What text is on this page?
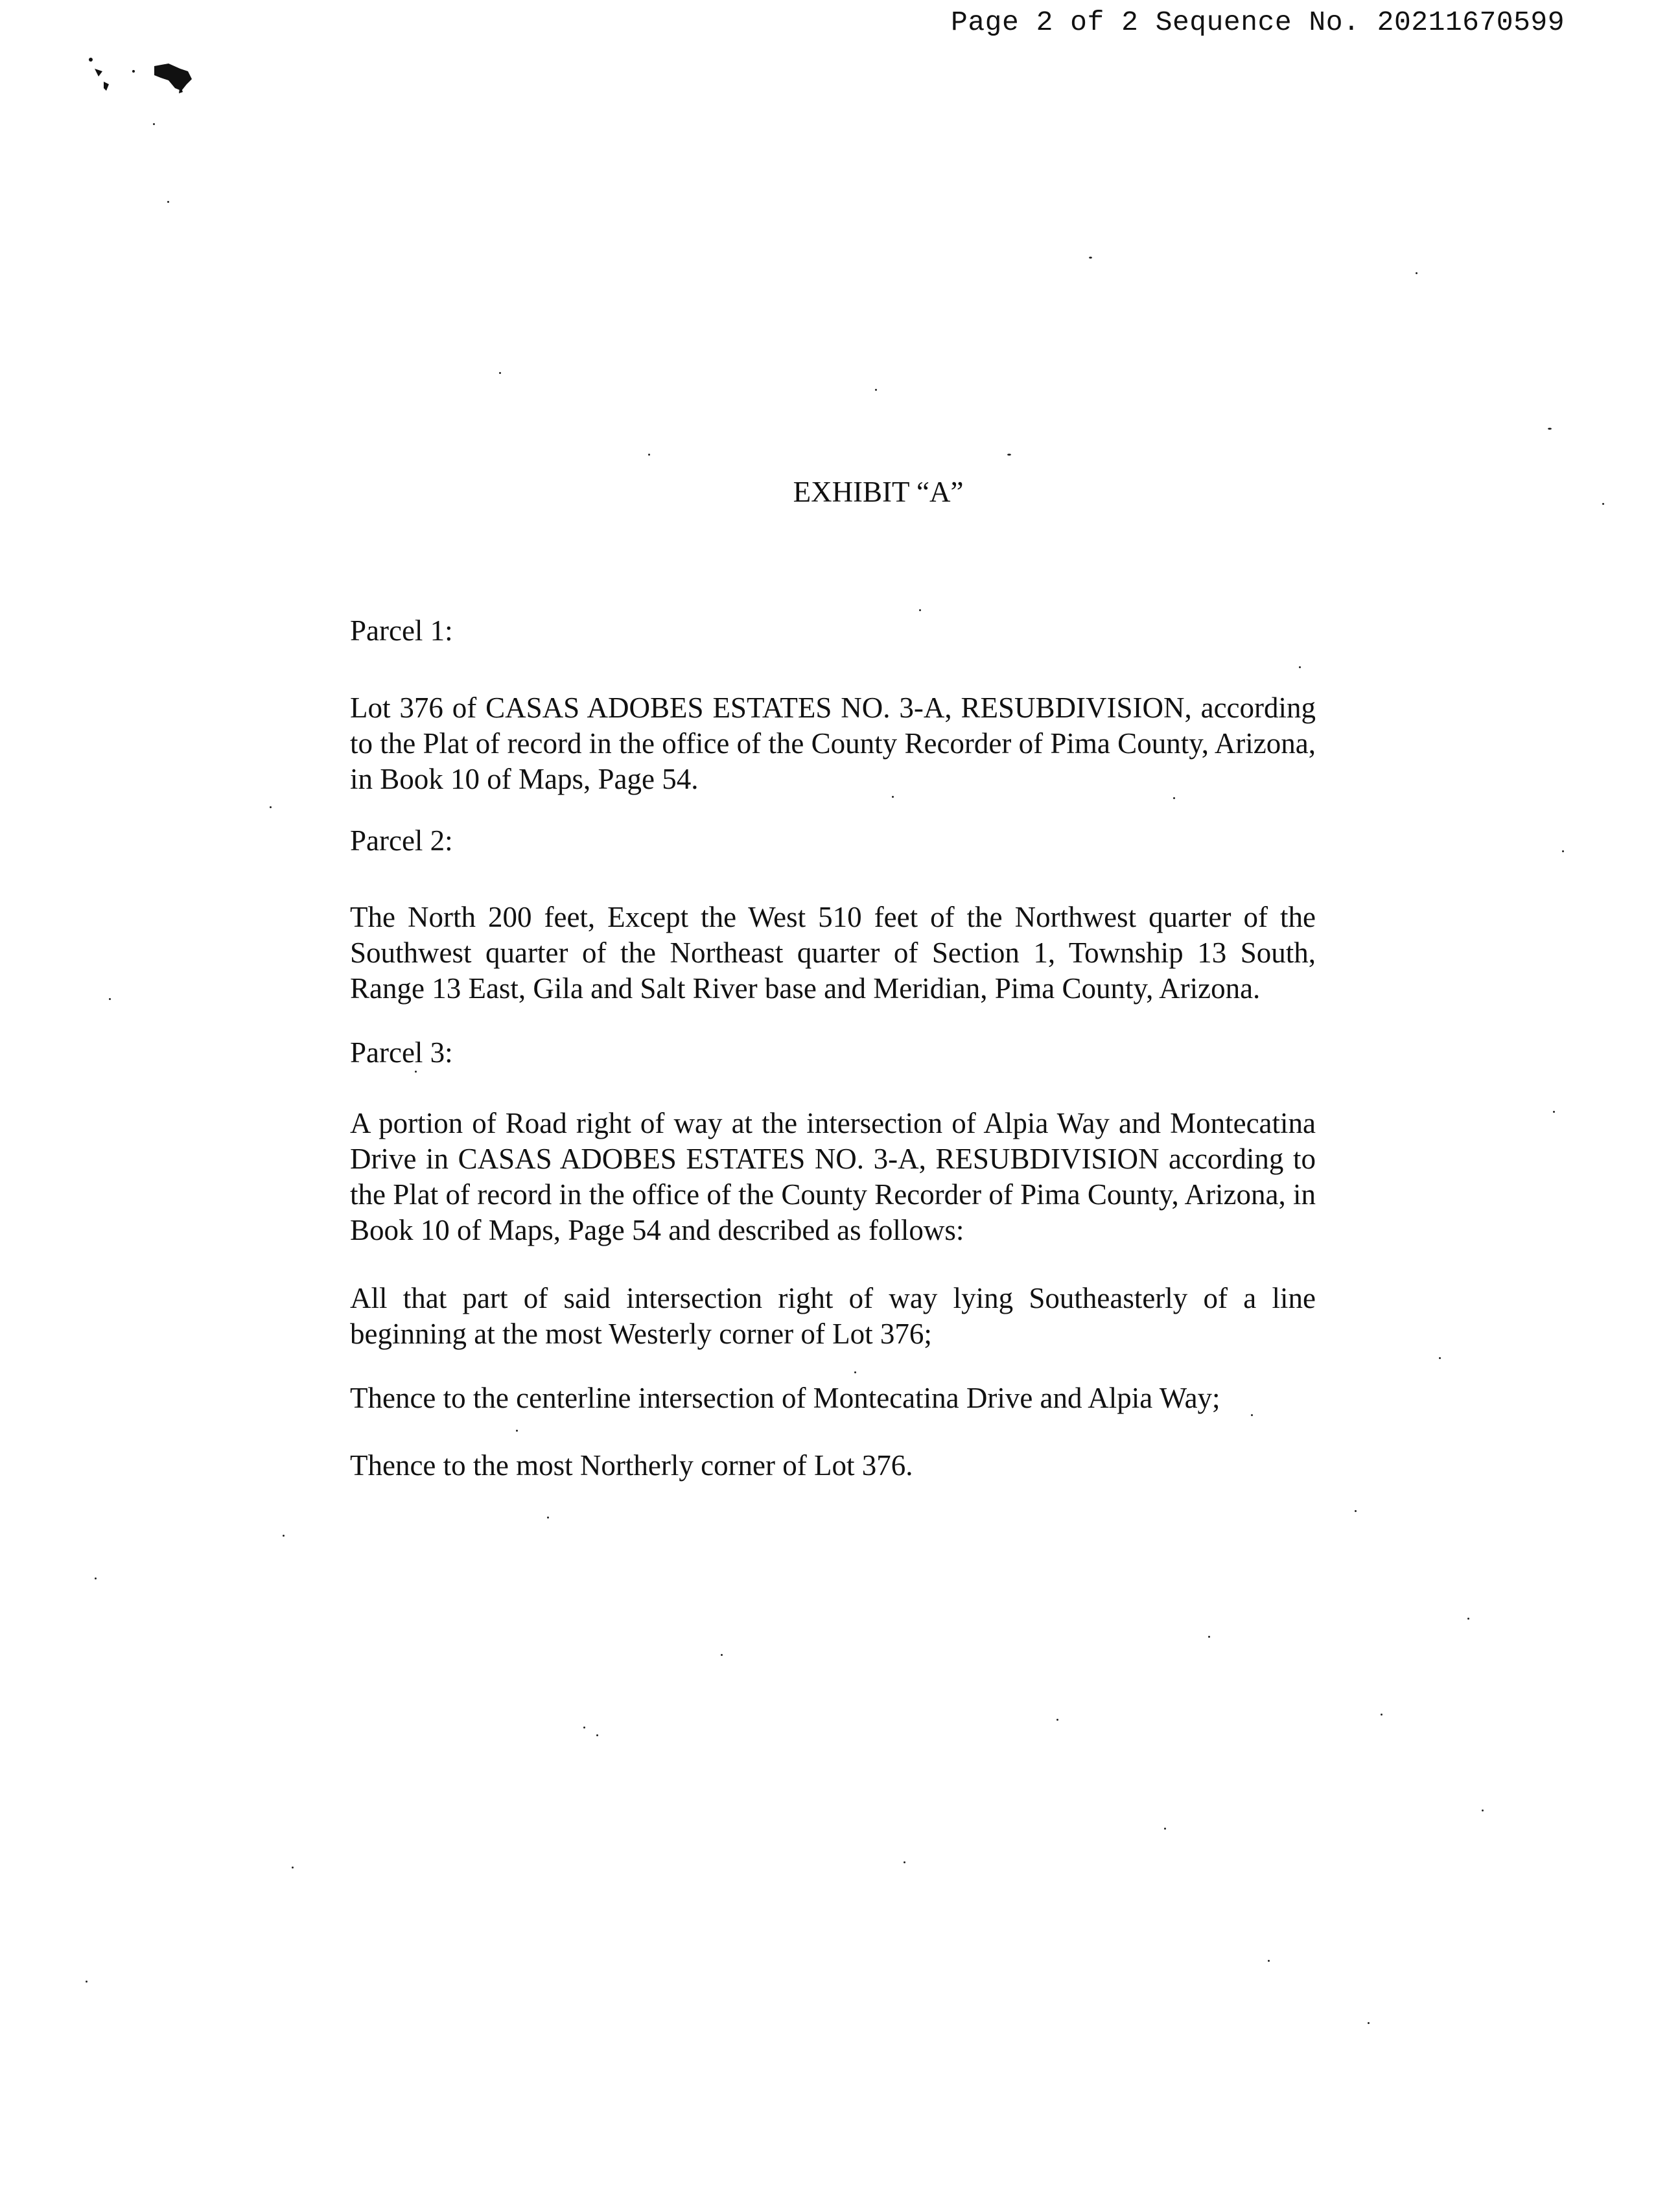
Page 2 of 2 Sequence No. 20211670599
EXHIBIT “A”

Parcel 1:

Lot 376 of CASAS ADOBES ESTATES NO. 3-A, RESUBDIVISION, according to the Plat of record in the office of the County Recorder of Pima County, Arizona, in Book 10 of Maps, Page 54.

Parcel 2:

The North 200 feet, Except the West 510 feet of the Northwest quarter of the Southwest quarter of the Northeast quarter of Section 1, Township 13 South, Range 13 East, Gila and Salt River base and Meridian, Pima County, Arizona.

Parcel 3:

A portion of Road right of way at the intersection of Alpia Way and Montecatina Drive in CASAS ADOBES ESTATES NO. 3-A, RESUBDIVISION according to the Plat of record in the office of the County Recorder of Pima County, Arizona, in Book 10 of Maps, Page 54 and described as follows:

All that part of said intersection right of way lying Southeasterly of a line beginning at the most Westerly corner of Lot 376;

Thence to the centerline intersection of Montecatina Drive and Alpia Way;

Thence to the most Northerly corner of Lot 376.
